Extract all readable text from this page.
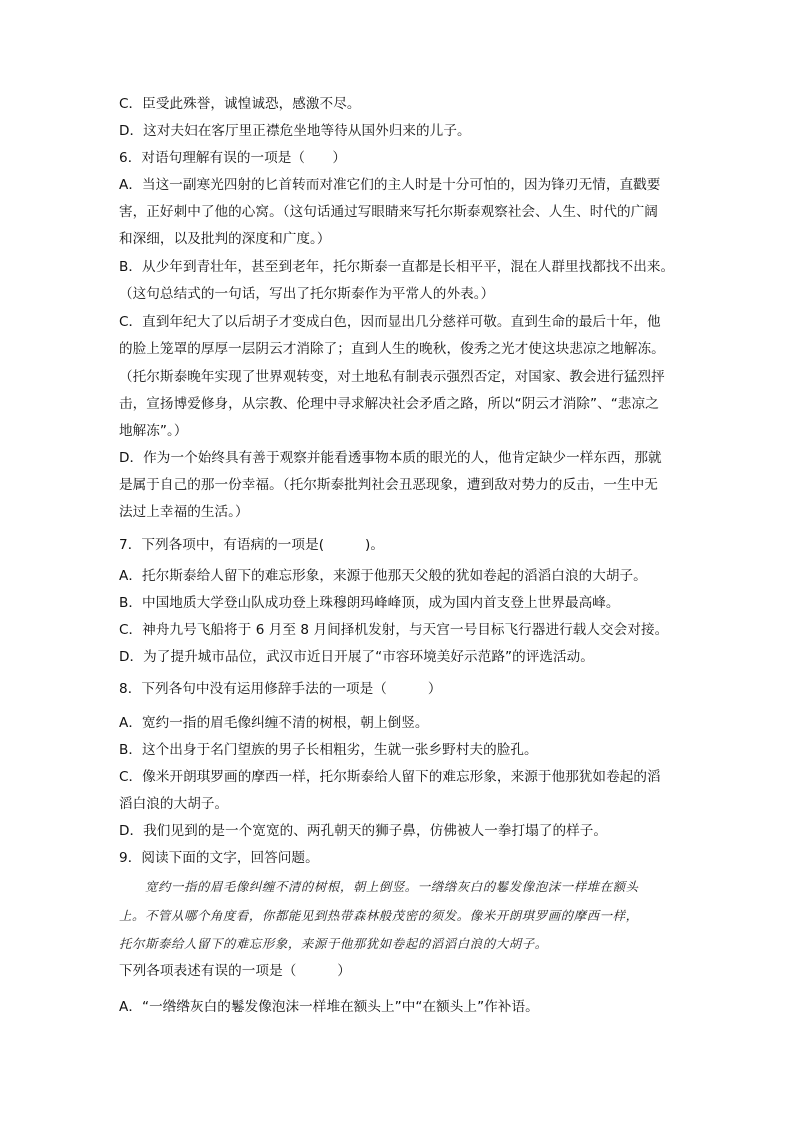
C．臣受此殊誉，诚惶诚恐，感激不尽。
D．这对夫妇在客厅里正襟危坐地等待从国外归来的儿子。
6．对语句理解有误的一项是（　　）
A．当这一副寒光四射的匕首转而对准它们的主人时是十分可怕的，因为锋刃无情，直戳要
害，正好刺中了他的心窝。（这句话通过写眼睛来写托尔斯泰观察社会、人生、时代的广阔
和深细，以及批判的深度和广度。）
B．从少年到青壮年，甚至到老年，托尔斯泰一直都是长相平平，混在人群里找都找不出来。
（这句总结式的一句话，写出了托尔斯泰作为平常人的外表。）
C．直到年纪大了以后胡子才变成白色，因而显出几分慈祥可敬。直到生命的最后十年，他
的脸上笼罩的厚厚一层阴云才消除了；直到人生的晚秋，俊秀之光才使这块悲凉之地解冻。
（托尔斯泰晚年实现了世界观转变，对土地私有制表示强烈否定，对国家、教会进行猛烈抨
击，宣扬博爱修身，从宗教、伦理中寻求解决社会矛盾之路，所以“阴云才消除”、“悲凉之
地解冻”。）
D．作为一个始终具有善于观察并能看透事物本质的眼光的人，他肯定缺少一样东西，那就
是属于自己的那一份幸福。（托尔斯泰批判社会丑恶现象，遭到敌对势力的反击，一生中无
法过上幸福的生活。）
7．下列各项中，有语病的一项是(　　　)。
A．托尔斯泰给人留下的难忘形象，来源于他那天父般的犹如卷起的滔滔白浪的大胡子。
B．中国地质大学登山队成功登上珠穆朗玛峰峰顶，成为国内首支登上世界最高峰。
C．神舟九号飞船将于 6 月至 8 月间择机发射，与天宫一号目标飞行器进行载人交会对接。
D．为了提升城市品位，武汉市近日开展了“市容环境美好示范路”的评选活动。
8．下列各句中没有运用修辞手法的一项是（　　　）
A．宽约一指的眉毛像纠缠不清的树根，朝上倒竖。
B．这个出身于名门望族的男子长相粗劣，生就一张乡野村夫的脸孔。
C．像米开朗琪罗画的摩西一样，托尔斯泰给人留下的难忘形象，来源于他那犹如卷起的滔
滔白浪的大胡子。
D．我们见到的是一个宽宽的、两孔朝天的狮子鼻，仿佛被人一拳打塌了的样子。
9．阅读下面的文字，回答问题。
宽约一指的眉毛像纠缠不清的树根，朝上倒竖。一绺绺灰白的鬈发像泡沫一样堆在额头
上。不管从哪个角度看，你都能见到热带森林般茂密的须发。像米开朗琪罗画的摩西一样，
托尔斯泰给人留下的难忘形象，来源于他那犹如卷起的滔滔白浪的大胡子。
下列各项表述有误的一项是（　　　）
A．“一绺绺灰白的鬈发像泡沫一样堆在额头上”中“在额头上”作补语。
